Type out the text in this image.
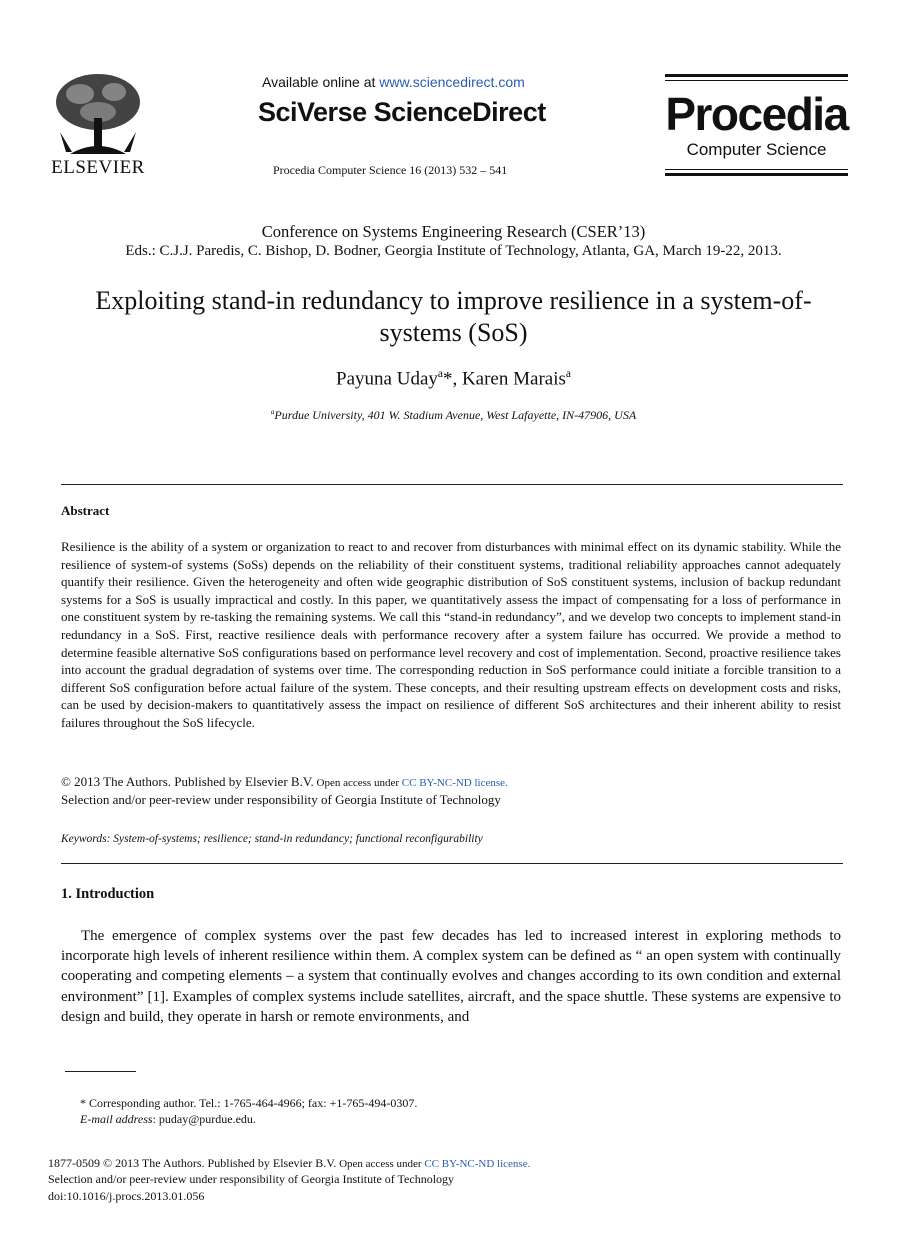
ELSEVIER
Available online at www.sciencedirect.com
SciVerse ScienceDirect
Procedia Computer Science 16 (2013) 532 – 541
Procedia
Computer Science
Conference on Systems Engineering Research (CSER’13)
Eds.: C.J.J. Paredis, C. Bishop, D. Bodner, Georgia Institute of Technology, Atlanta, GA, March 19-22, 2013.
Exploiting stand-in redundancy to improve resilience in a system-of-systems (SoS)
Payuna Uday$^a$*, Karen Marais$^a$
$^a$Purdue University, 401 W. Stadium Avenue, West Lafayette, IN-47906, USA
Abstract
Resilience is the ability of a system or organization to react to and recover from disturbances with minimal effect on its dynamic stability. While the resilience of system-of systems (SoSs) depends on the reliability of their constituent systems, traditional reliability approaches cannot adequately quantify their resilience. Given the heterogeneity and often wide geographic distribution of SoS constituent systems, inclusion of backup redundant systems for a SoS is usually impractical and costly. In this paper, we quantitatively assess the impact of compensating for a loss of performance in one constituent system by re-tasking the remaining systems. We call this “stand-in redundancy”, and we develop two concepts to implement stand-in redundancy in a SoS. First, reactive resilience deals with performance recovery after a system failure has occurred. We provide a method to determine feasible alternative SoS configurations based on performance level recovery and cost of implementation. Second, proactive resilience takes into account the gradual degradation of systems over time. The corresponding reduction in SoS performance could initiate a forcible transition to a different SoS configuration before actual failure of the system. These concepts, and their resulting upstream effects on development costs and risks, can be used by decision-makers to quantitatively assess the impact on resilience of different SoS architectures and their inherent ability to resist failures throughout the SoS lifecycle.
© 2013 The Authors. Published by Elsevier B.V. Open access under CC BY-NC-ND license.
Selection and/or peer-review under responsibility of Georgia Institute of Technology
Keywords: System-of-systems; resilience; stand-in redundancy; functional reconfigurability
1. Introduction
The emergence of complex systems over the past few decades has led to increased interest in exploring methods to incorporate high levels of inherent resilience within them. A complex system can be defined as “ an open system with continually cooperating and competing elements – a system that continually evolves and changes according to its own condition and external environment” [1]. Examples of complex systems include satellites, aircraft, and the space shuttle. These systems are expensive to design and build, they operate in harsh or remote environments, and
* Corresponding author. Tel.: 1-765-464-4966; fax: +1-765-494-0307.
E-mail address: puday@purdue.edu.
1877-0509 © 2013 The Authors. Published by Elsevier B.V. Open access under CC BY-NC-ND license.
Selection and/or peer-review under responsibility of Georgia Institute of Technology
doi:10.1016/j.procs.2013.01.056
